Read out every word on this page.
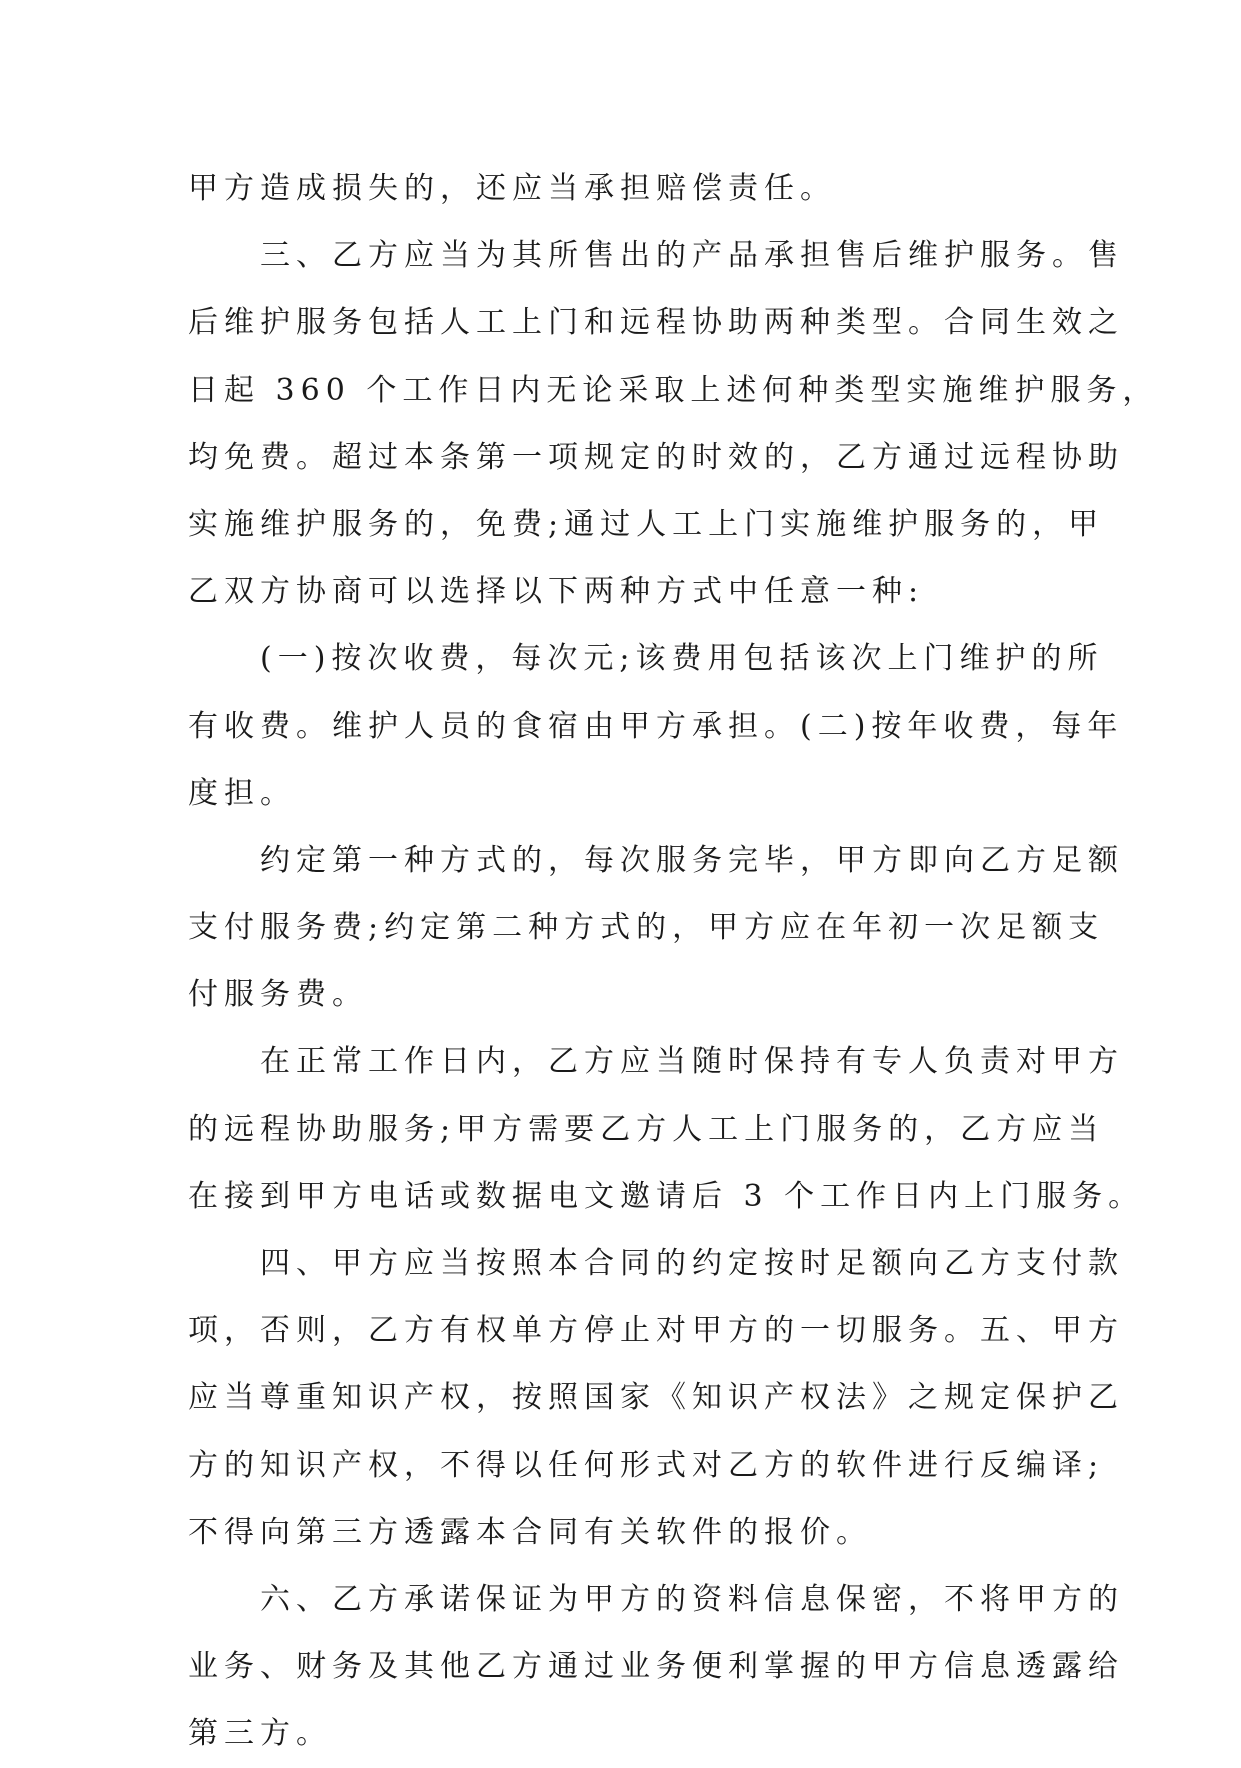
甲方造成损失的，还应当承担赔偿责任。
三、乙方应当为其所售出的产品承担售后维护服务。售
后维护服务包括人工上门和远程协助两种类型。合同生效之
日起 360 个工作日内无论采取上述何种类型实施维护服务，
均免费。超过本条第一项规定的时效的，乙方通过远程协助
实施维护服务的，免费;通过人工上门实施维护服务的，甲
乙双方协商可以选择以下两种方式中任意一种:
(一)按次收费，每次元;该费用包括该次上门维护的所
有收费。维护人员的食宿由甲方承担。(二)按年收费，每年
度担。
约定第一种方式的，每次服务完毕，甲方即向乙方足额
支付服务费;约定第二种方式的，甲方应在年初一次足额支
付服务费。
在正常工作日内，乙方应当随时保持有专人负责对甲方
的远程协助服务;甲方需要乙方人工上门服务的，乙方应当
在接到甲方电话或数据电文邀请后 3 个工作日内上门服务。
四、甲方应当按照本合同的约定按时足额向乙方支付款
项，否则，乙方有权单方停止对甲方的一切服务。五、甲方
应当尊重知识产权，按照国家《知识产权法》之规定保护乙
方的知识产权，不得以任何形式对乙方的软件进行反编译;
不得向第三方透露本合同有关软件的报价。
六、乙方承诺保证为甲方的资料信息保密，不将甲方的
业务、财务及其他乙方通过业务便利掌握的甲方信息透露给
第三方。
